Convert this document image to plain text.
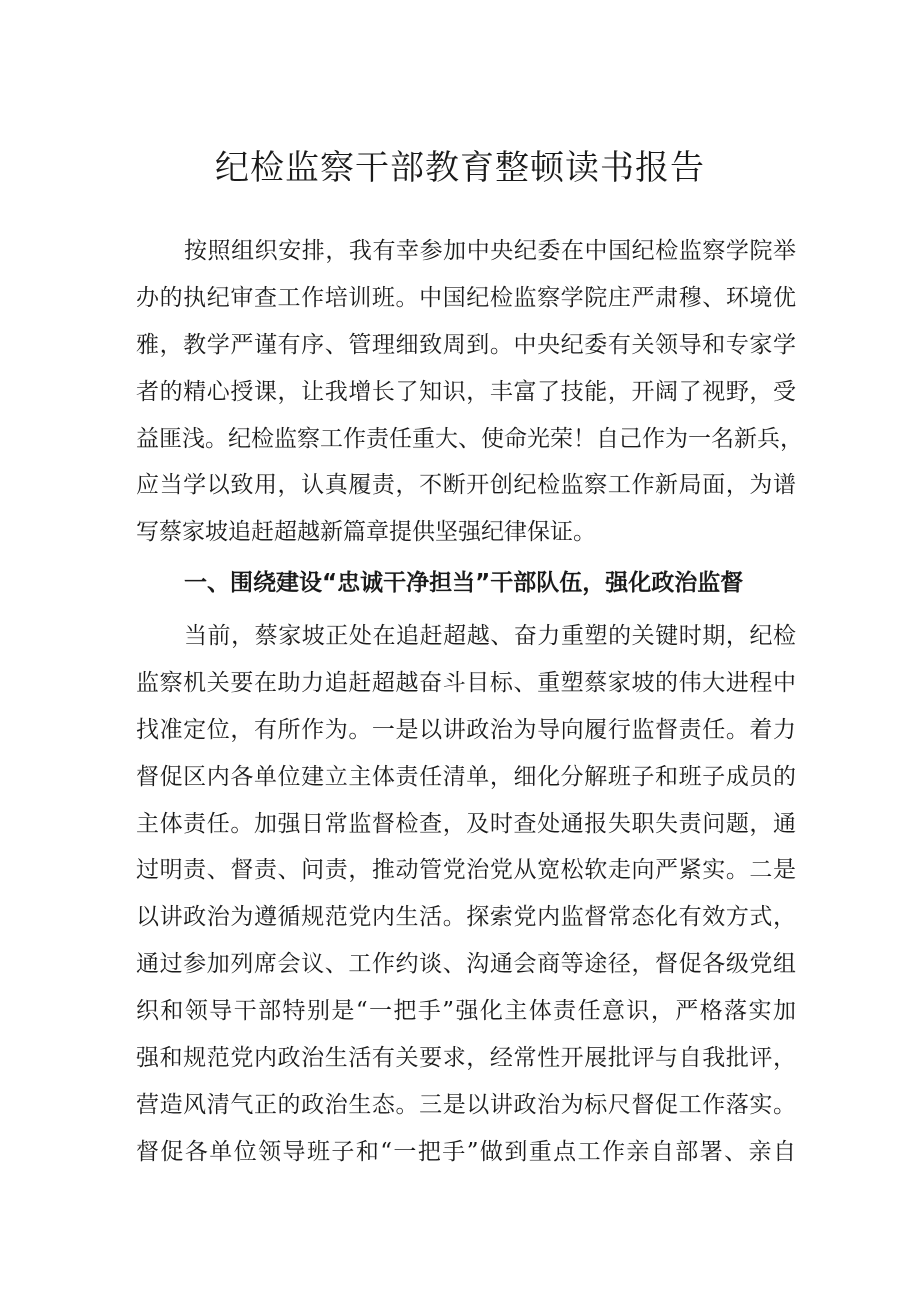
纪检监察干部教育整顿读书报告
按照组织安排，我有幸参加中央纪委在中国纪检监察学院举
办的执纪审查工作培训班。中国纪检监察学院庄严肃穆、环境优
雅，教学严谨有序、管理细致周到。中央纪委有关领导和专家学
者的精心授课，让我增长了知识，丰富了技能，开阔了视野，受
益匪浅。纪检监察工作责任重大、使命光荣！自己作为一名新兵，
应当学以致用，认真履责，不断开创纪检监察工作新局面，为谱
写蔡家坡追赶超越新篇章提供坚强纪律保证。
一、围绕建设“忠诚干净担当”干部队伍，强化政治监督
当前，蔡家坡正处在追赶超越、奋力重塑的关键时期，纪检
监察机关要在助力追赶超越奋斗目标、重塑蔡家坡的伟大进程中
找准定位，有所作为。一是以讲政治为导向履行监督责任。着力
督促区内各单位建立主体责任清单，细化分解班子和班子成员的
主体责任。加强日常监督检查，及时查处通报失职失责问题，通
过明责、督责、问责，推动管党治党从宽松软走向严紧实。二是
以讲政治为遵循规范党内生活。探索党内监督常态化有效方式，
通过参加列席会议、工作约谈、沟通会商等途径，督促各级党组
织和领导干部特别是“一把手”强化主体责任意识，严格落实加
强和规范党内政治生活有关要求，经常性开展批评与自我批评，
营造风清气正的政治生态。三是以讲政治为标尺督促工作落实。
督促各单位领导班子和“一把手”做到重点工作亲自部署、亲自
